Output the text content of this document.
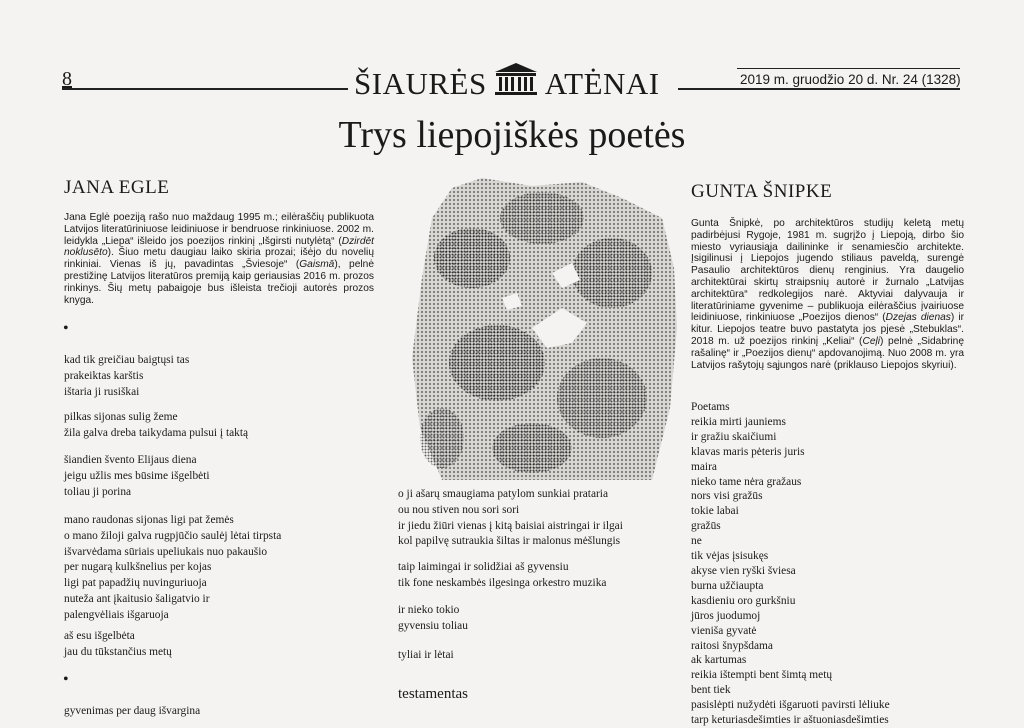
8	ŠIAURĖS ATĖNAI	2019 m. gruodžio 20 d. Nr. 24 (1328)
Trys liepojiškės poetės
JANA EGLE
Jana Eglė poeziją rašo nuo maždaug 1995 m.; eilėraščių publikuota Latvijos literatūriniuose leidiniuose ir bendruose rinkiniuose. 2002 m. leidykla „Liepa“ išleido jos poezijos rinkinį „Išgirsti nutylėtą“ (Dzirdēt noklusēto). Šiuo metu daugiau laiko skiria prozai; išėjo du novelių rinkiniai. Vienas iš jų, pavadintas „Šviesoje“ (Gaismā), pelnė prestižinę Latvijos literatūros premiją kaip geriausias 2016 m. prozos rinkinys. Šių metų pabaigoje bus išleista trečioji autorės prozos knyga.
•
kad tik greičiau baigtųsi tas
prakeiktas karštis
ištaria ji rusiškai
pilkas sijonas sulig žeme
žila galva dreba taikydama pulsui į taktą
šiandien švento Elijaus diena
jeigu užlis mes būsime išgelbėti
toliau ji porina
mano raudonas sijonas ligi pat žemės
o mano žiloji galva rugpjūčio saulėj lėtai tirpsta
išvarvėdama sūriais upeliukais nuo pakaušio
per nugarą kulkšnelius per kojas
ligi pat papadžių nuvinguriuoja
nuteža ant įkaitusio šaligatvio ir
palengvėliais išgaruoja
aš esu išgelbėta
jau du tūkstančius metų
•
gyvenimas per daug išvargina
o ji ašarų smaugiama patylom sunkiai prataria
ou nou stiven nou sori sori
ir jiedu žiūri vienas į kitą baisiai aistringai ir ilgai
kol papilvę sutraukia šiltas ir malonus mėšlungis
taip laimingai ir solidžiai aš gyvensiu
tik fone neskambės ilgesinga orkestro muzika
ir nieko tokio
gyvensiu toliau
tyliai ir lėtai
testamentas
GUNTA ŠNIPKE
Gunta Šnipkė, po architektūros studijų keletą metų padirbėjusi Rygoje, 1981 m. sugrįžo į Liepoją, dirbo šio miesto vyriausiąja dailininke ir senamiesčio architekte. Įsigilinusi į Liepojos jugendo stiliaus paveldą, surengė Pasaulio architektūros dienų renginius. Yra daugelio architektūrai skirtų straipsnių autorė ir žurnalo „Latvijas architektūra“ redkolegijos narė. Aktyviai dalyvauja ir literatūriniame gyvenime – publikuoja eilėraščius įvairiuose leidiniuose, rinkiniuose „Poezijos dienos“ (Dzejas dienas) ir kitur. Liepojos teatre buvo pastatyta jos pjesė „Stebuklas“. 2018 m. už poezijos rinkinį „Keliai“ (Ceļi) pelnė „Sidabrinę rašalinę“ ir „Poezijos dienų“ apdovanojimą. Nuo 2008 m. yra Latvijos rašytojų sąjungos narė (priklauso Liepojos skyriui).
Poetams
reikia mirti jauniems
ir gražiu skaičiumi
klavas maris pėteris juris
maira
nieko tame nėra gražaus
nors visi gražūs
tokie labai
gražūs
ne
tik vėjas įsisukęs
akyse vien ryški šviesa
burna užčiaupta
kasdieniu oro gurkšniu
jūros juodumoj
vieniša gyvatė
raitosi šnypšdama
ak kartumas
reikia ištempti bent šimtą metų
bent tiek
pasislėpti nužydėti išgaruoti pavirsti lėliuke
tarp keturiasdešimties ir aštuoniasdešimties
